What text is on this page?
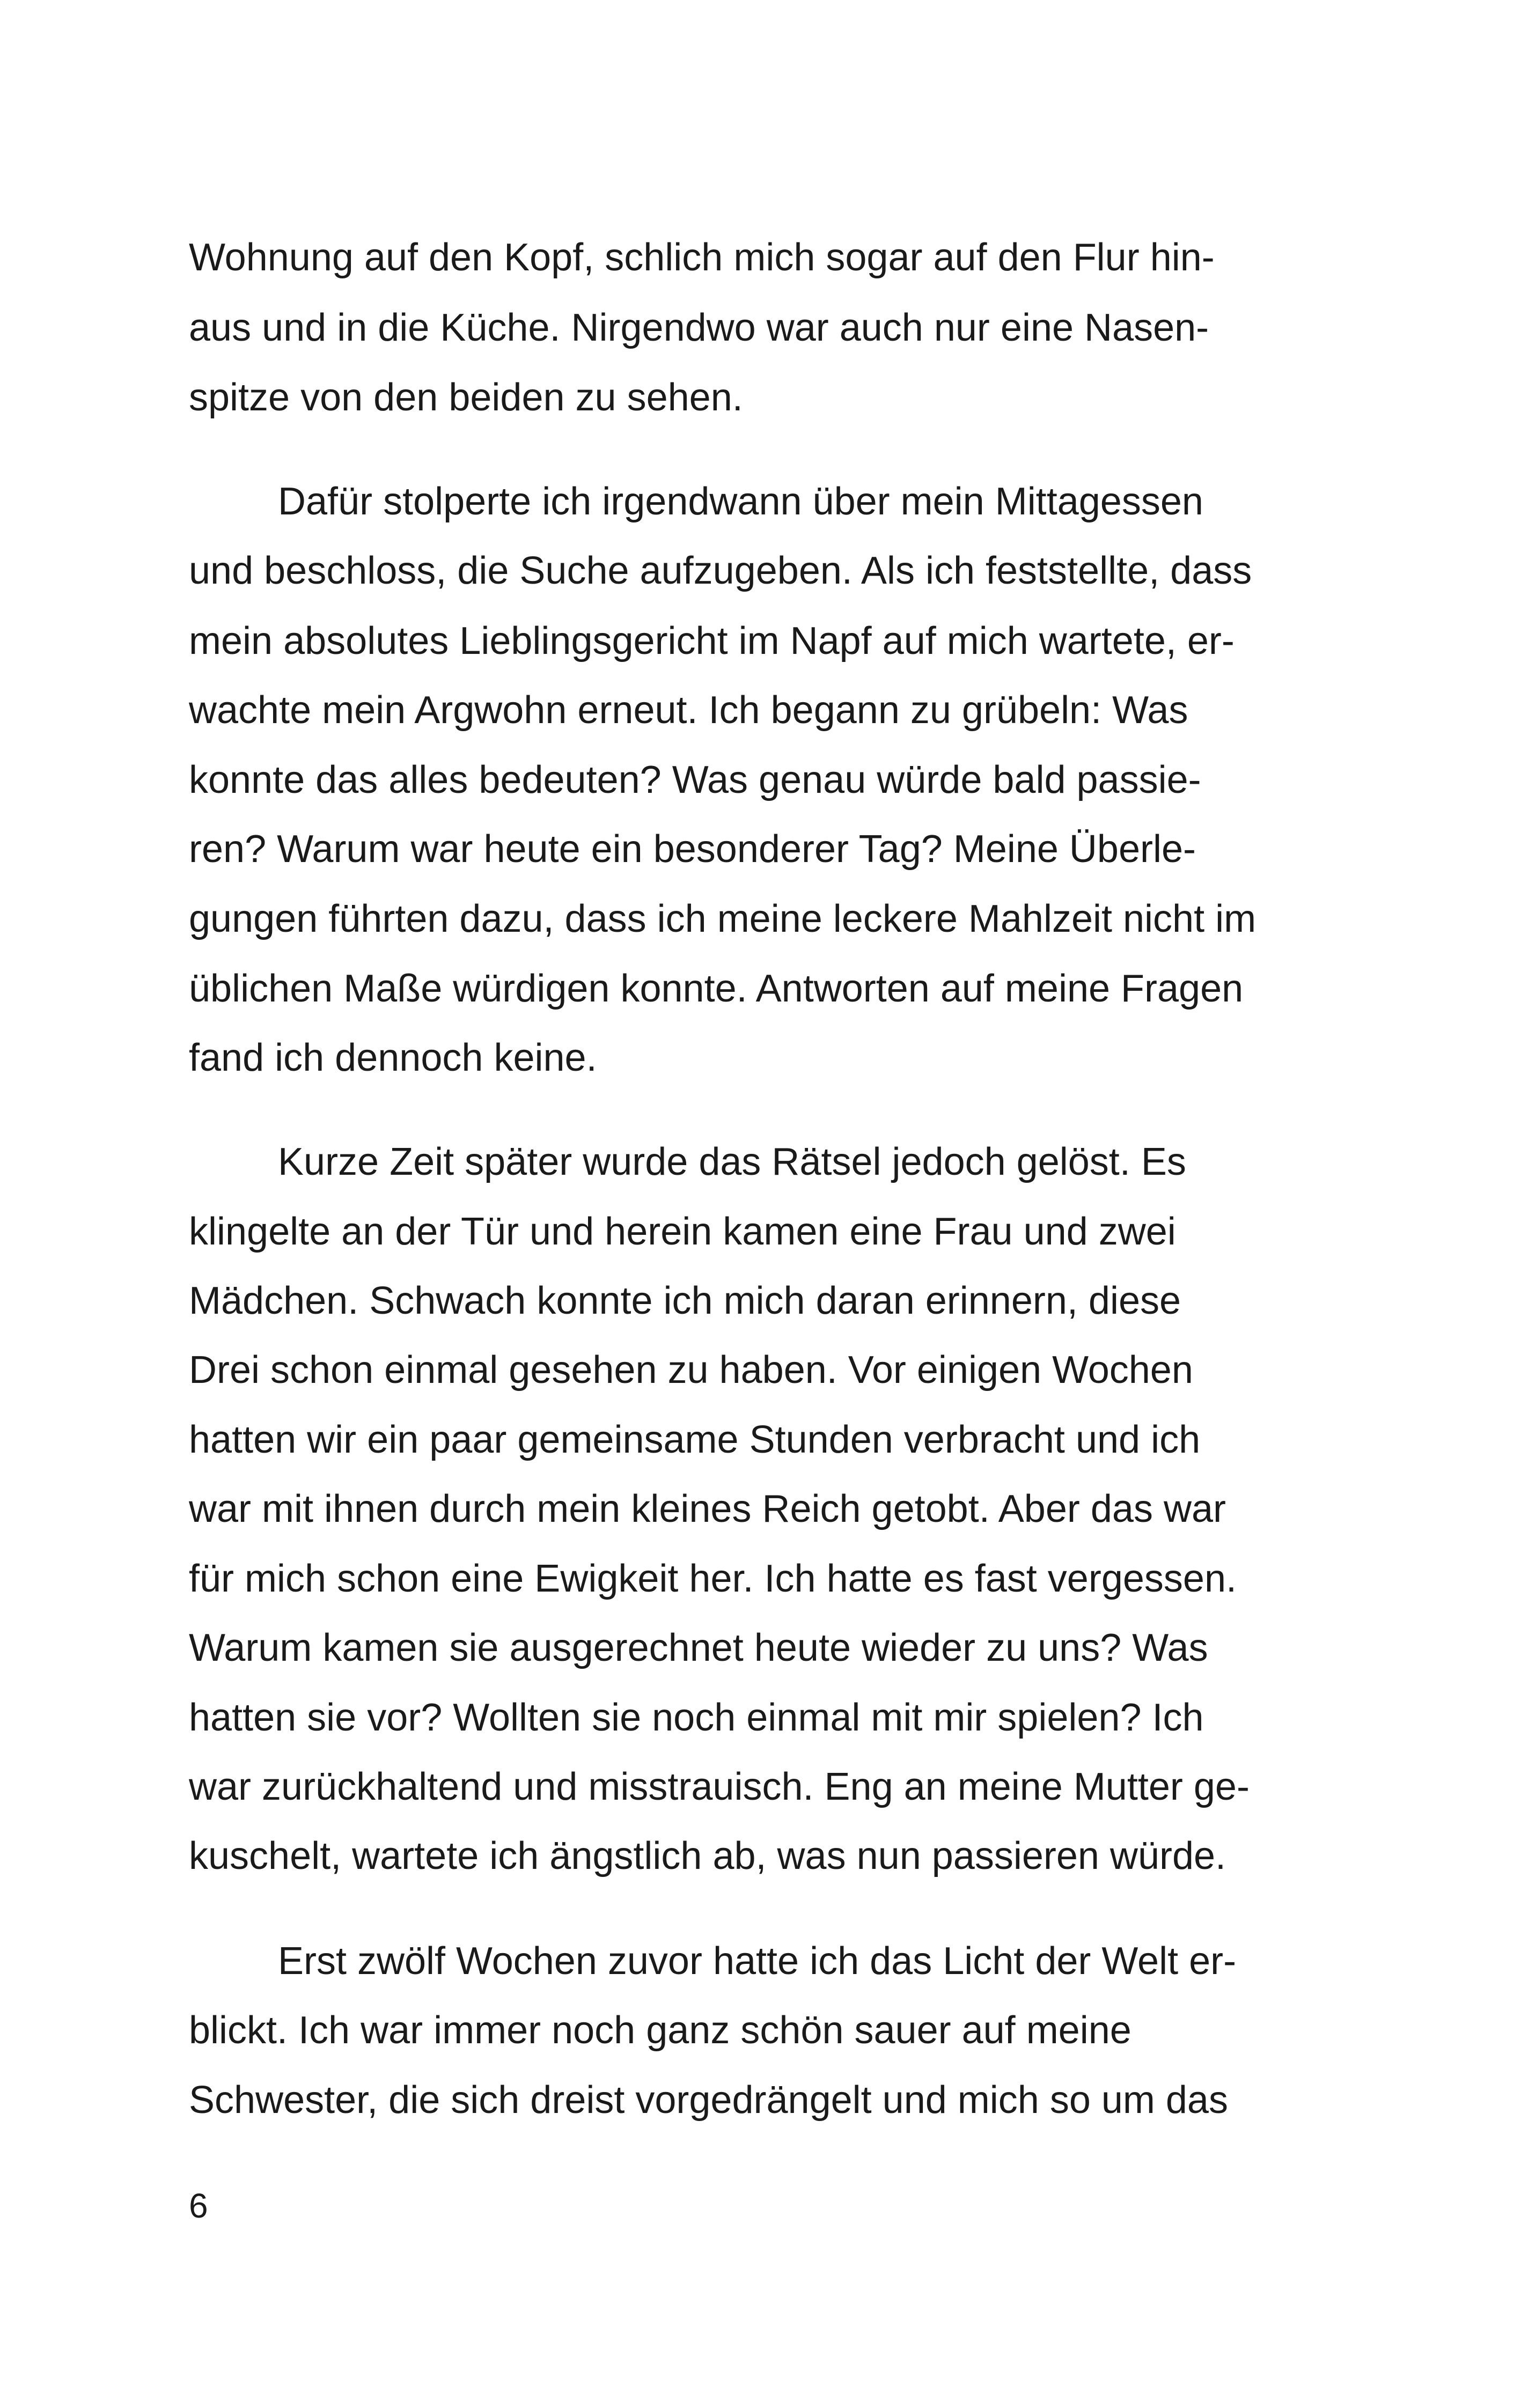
Wohnung auf den Kopf, schlich mich sogar auf den Flur hin-
aus und in die Küche. Nirgendwo war auch nur eine Nasen-
spitze von den beiden zu sehen.
Dafür stolperte ich irgendwann über mein Mittagessen
und beschloss, die Suche aufzugeben. Als ich feststellte, dass
mein absolutes Lieblingsgericht im Napf auf mich wartete, er-
wachte mein Argwohn erneut. Ich begann zu grübeln: Was
konnte das alles bedeuten? Was genau würde bald passie-
ren? Warum war heute ein besonderer Tag? Meine Überle-
gungen führten dazu, dass ich meine leckere Mahlzeit nicht im
üblichen Maße würdigen konnte. Antworten auf meine Fragen
fand ich dennoch keine.
Kurze Zeit später wurde das Rätsel jedoch gelöst. Es
klingelte an der Tür und herein kamen eine Frau und zwei
Mädchen. Schwach konnte ich mich daran erinnern, diese
Drei schon einmal gesehen zu haben. Vor einigen Wochen
hatten wir ein paar gemeinsame Stunden verbracht und ich
war mit ihnen durch mein kleines Reich getobt. Aber das war
für mich schon eine Ewigkeit her. Ich hatte es fast vergessen.
Warum kamen sie ausgerechnet heute wieder zu uns? Was
hatten sie vor? Wollten sie noch einmal mit mir spielen? Ich
war zurückhaltend und misstrauisch. Eng an meine Mutter ge-
kuschelt, wartete ich ängstlich ab, was nun passieren würde.
Erst zwölf Wochen zuvor hatte ich das Licht der Welt er-
blickt. Ich war immer noch ganz schön sauer auf meine
Schwester, die sich dreist vorgedrängelt und mich so um das
6
